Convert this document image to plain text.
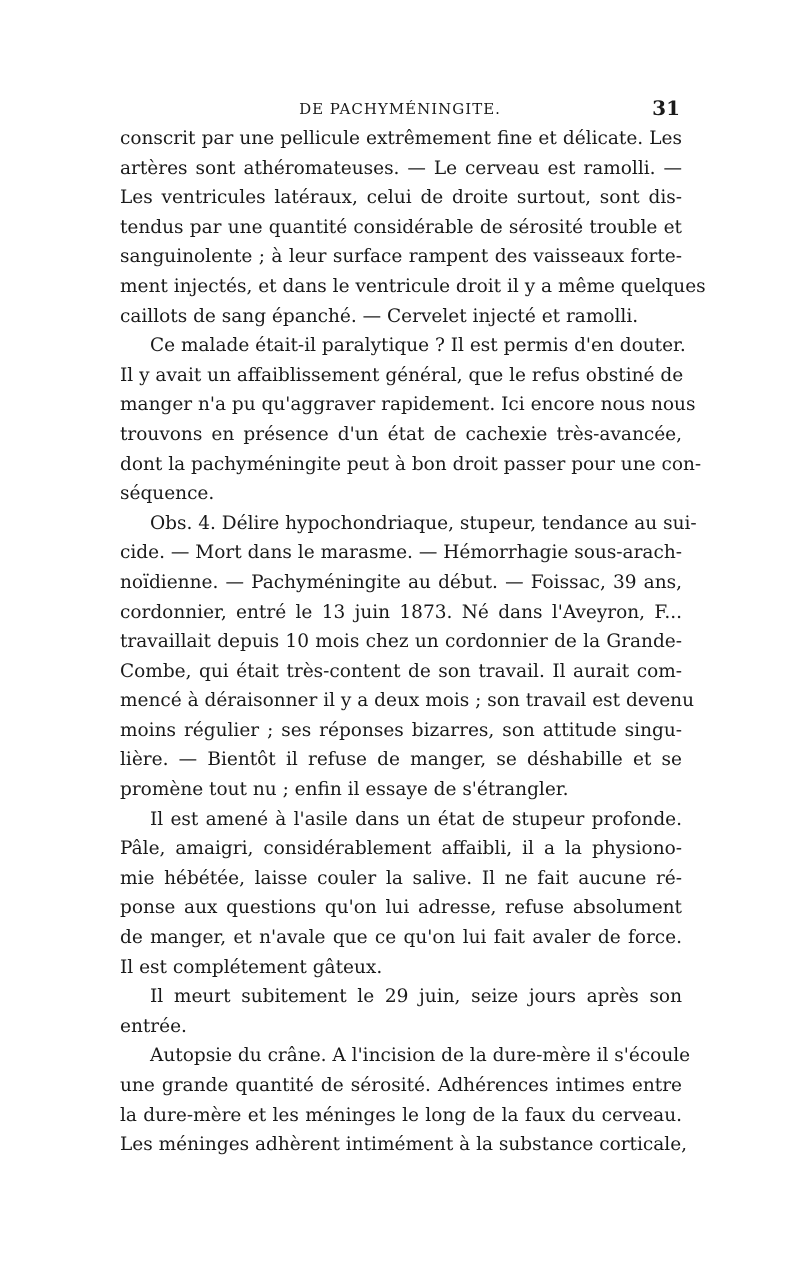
DE PACHYMÉNINGITE.	31
conscrit par une pellicule extrêmement fine et délicate. Les
artères sont athéromateuses. — Le cerveau est ramolli. —
Les ventricules latéraux, celui de droite surtout, sont dis-
tendus par une quantité considérable de sérosité trouble et
sanguinolente ; à leur surface rampent des vaisseaux forte-
ment injectés, et dans le ventricule droit il y a même quelques
caillots de sang épanché. — Cervelet injecté et ramolli.
Ce malade était-il paralytique ? Il est permis d'en douter.
Il y avait un affaiblissement général, que le refus obstiné de
manger n'a pu qu'aggraver rapidement. Ici encore nous nous
trouvons en présence d'un état de cachexie très-avancée,
dont la pachyméningite peut à bon droit passer pour une con-
séquence.
Obs. 4. Délire hypochondriaque, stupeur, tendance au sui-
cide. — Mort dans le marasme. — Hémorrhagie sous-arach-
noïdienne. — Pachyméningite au début. — Foissac, 39 ans,
cordonnier, entré le 13 juin 1873. Né dans l'Aveyron, F...
travaillait depuis 10 mois chez un cordonnier de la Grande-
Combe, qui était très-content de son travail. Il aurait com-
mencé à déraisonner il y a deux mois ; son travail est devenu
moins régulier ; ses réponses bizarres, son attitude singu-
lière. — Bientôt il refuse de manger, se déshabille et se
promène tout nu ; enfin il essaye de s'étrangler.
Il est amené à l'asile dans un état de stupeur profonde.
Pâle, amaigri, considérablement affaibli, il a la physiono-
mie hébétée, laisse couler la salive. Il ne fait aucune ré-
ponse aux questions qu'on lui adresse, refuse absolument
de manger, et n'avale que ce qu'on lui fait avaler de force.
Il est complétement gâteux.
Il meurt subitement le 29 juin, seize jours après son
entrée.
Autopsie du crâne. A l'incision de la dure-mère il s'écoule
une grande quantité de sérosité. Adhérences intimes entre
la dure-mère et les méninges le long de la faux du cerveau.
Les méninges adhèrent intimément à la substance corticale,
